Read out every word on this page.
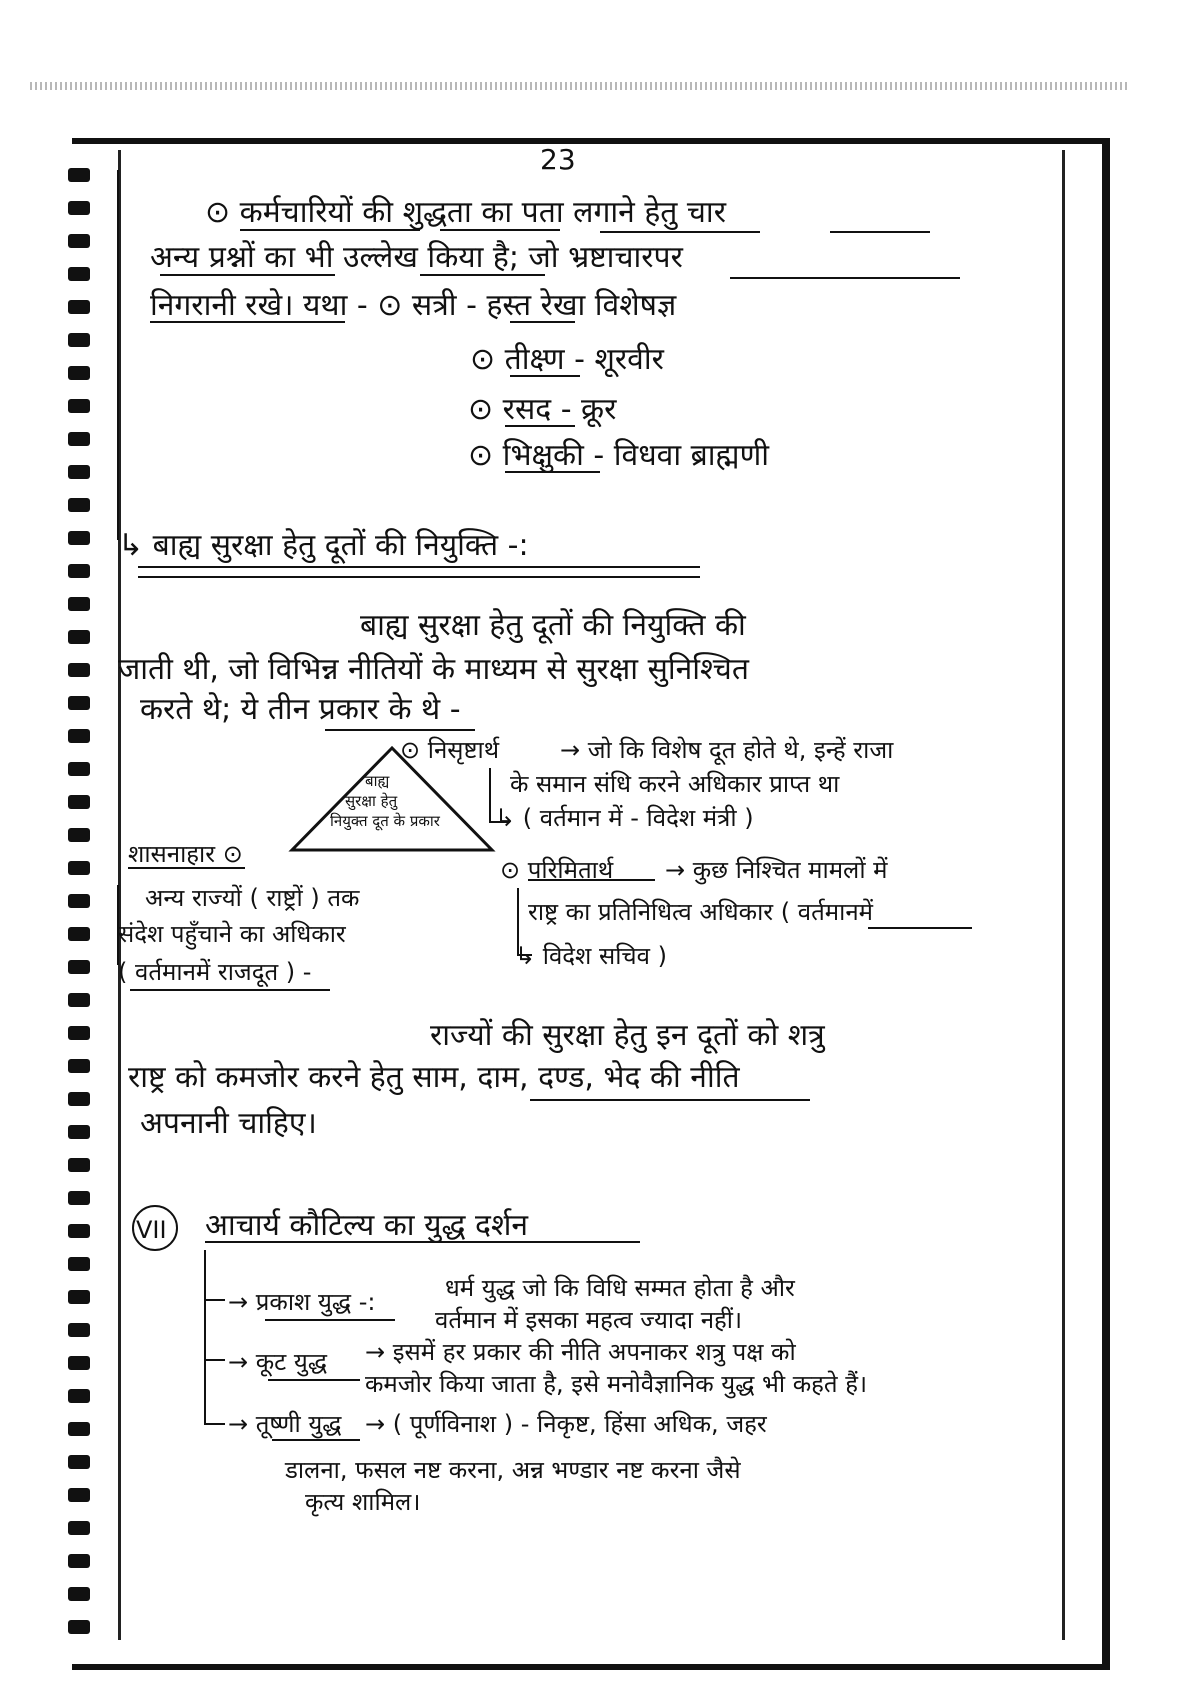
23
⊙ कर्मचारियों की शुद्धता का पता लगाने हेतु चार
अन्य प्रश्नों का भी उल्लेख किया है; जो भ्रष्टाचारपर
निगरानी रखे। यथा - ⊙ सत्री - हस्त रेखा विशेषज्ञ
⊙ तीक्ष्ण - शूरवीर
⊙ रसद - क्रूर
⊙ भिक्षुकी - विधवा ब्राह्मणी
↳ बाह्य सुरक्षा हेतु दूतों की नियुक्ति -:
बाह्य सुरक्षा हेतु दूतों की नियुक्ति की
जाती थी, जो विभिन्न नीतियों के माध्यम से सुरक्षा सुनिश्चित
करते थे; ये तीन प्रकार के थे -
बाह्य
सुरक्षा हेतु
नियुक्त दूत के प्रकार
⊙ निसृष्टार्थ	→ जो कि विशेष दूत होते थे, इन्हें राजा
के समान संधि करने अधिकार प्राप्त था
↳ ( वर्तमान में - विदेश मंत्री )
शासनाहार ⊙
अन्य राज्यों ( राष्ट्रों ) तक
संदेश पहुँचाने का अधिकार
( वर्तमानमें राजदूत ) -
⊙ परिमितार्थ → कुछ निश्चित मामलों में
राष्ट्र का प्रतिनिधित्व अधिकार ( वर्तमानमें
↳ विदेश सचिव )
राज्यों की सुरक्षा हेतु इन दूतों को शत्रु
राष्ट्र को कमजोर करने हेतु साम, दाम, दण्ड, भेद की नीति
अपनानी चाहिए।
VII आचार्य कौटिल्य का युद्ध दर्शन
→ प्रकाश युद्ध -:	धर्म युद्ध जो कि विधि सम्मत होता है और
वर्तमान में इसका महत्व ज्यादा नहीं।
→ कूट युद्ध → इसमें हर प्रकार की नीति अपनाकर शत्रु पक्ष को
कमजोर किया जाता है, इसे मनोवैज्ञानिक युद्ध भी कहते हैं।
→ तूष्णी युद्ध → ( पूर्णविनाश ) - निकृष्ट, हिंसा अधिक, जहर
डालना, फसल नष्ट करना, अन्न भण्डार नष्ट करना जैसे
कृत्य शामिल।
